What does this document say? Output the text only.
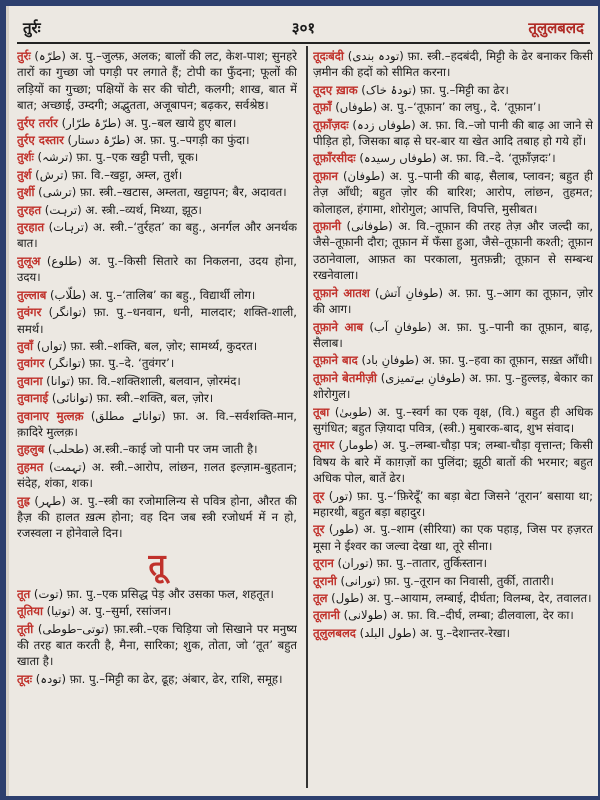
तुर्रः	३०१	तूलुलबलद
तुर्रः (طرّہ) अ. पु.–जुल्फ़, अलक; बालों की लट, केश-पाश; सुनहरे तारों का गुच्छा जो पगड़ी पर लगाते हैं; टोपी का फुँदना; फूलों की लड़ियों का गुच्छा; पक्षियों के सर की चोटी, कलगी; शाख, बात में बात; अच्छाई, उम्दगी; अद्भुतता, अजूबापन; बढ़कर, सर्वश्रेष्ठ।
तुर्रए तर्रार (طرّۂ طرّار) अ. पु.–बल खाये हुए बाल।
तुर्रए दस्तार (طرّۂ دستار) अ. फ़ा. पु.–पगड़ी का फुंदा।
तुर्शः (ترشہ) फ़ा. पु.–एक खट्टी पत्ती, चूक।
तुर्श (ترش) फ़ा. वि.–खट्टा, अम्ल, तुर्श।
तुर्शी (ترشی) फ़ा. स्त्री.–खटास, अम्लता, खट्टापन; बैर, अदावत।
तुरहत (ترہت) अ. स्त्री.–व्यर्थ, मिथ्या, झूठ।
तुरहात (ترہات) अ. स्त्री.–‘तुर्रहत’ का बहु., अनर्गल और अनर्थक बात।
तुलूअ (طلوع) अ. पु.–किसी सितारे का निकलना, उदय होना, उदय।
तुल्लाब (طلّاب) अ. पु.–‘तालिब’ का बहु., विद्यार्थी लोग।
तुवंगर (توانگر) फ़ा. पु.–धनवान, धनी, मालदार; शक्ति-शाली, समर्थ।
तुवाँ (تواں) फ़ा. स्त्री.–शक्ति, बल, ज़ोर; सामर्थ्य, कुदरत।
तुवांगर (توانگر) फ़ा. पु.–दे. ‘तुवंगर’।
तुवाना (توانا) फ़ा. वि.–शक्तिशाली, बलवान, ज़ोरमंद।
तुवानाई (توانائی) फ़ा. स्त्री.–शक्ति, बल, ज़ोर।
तुवानाए मुत्लक़ (توانائے مطلق) फ़ा. अ. वि.–सर्वशक्ति-मान, क़ादिरे मुत्लक़।
तुहलुब (طحلب) अ.स्त्री.–काई जो पानी पर जम जाती है।
तुहमत (تہمت) अ. स्त्री.–आरोप, लांछन, ग़लत इल्ज़ाम-बुहतान; संदेह, शंका, शक।
तुह्र (طہر) अ. पु.–स्त्री का रजोमालिन्य से पवित्र होना, औरत की हैज़ की हालत ख़त्म होना; वह दिन जब स्त्री रजोधर्म में न हो, रजस्वला न होनेवाले दिन।
तू
तूत (توت) फ़ा. पु.–एक प्रसिद्ध पेड़ और उसका फल, शहतूत।
तूतिया (توتیا) अ. पु.–सुर्मा, रसांजन।
तूती (توتی–طوطی) फ़ा.स्त्री.–एक चिड़िया जो सिखाने पर मनुष्य की तरह बात करती है, मैना, सारिका; शुक, तोता, जो ‘तूत’ बहुत खाता है।
तूदः (تودہ) फ़ा. पु.–मिट्टी का ढेर, ढूह; अंबार, ढेर, राशि, समूह।
तूदःबंदी (تودہ بندی) फ़ा. स्त्री.–हदबंदी, मिट्टी के ढेर बनाकर किसी ज़मीन की हदों को सीमित करना।
तूदए ख़ाक (تودۂ خاک) फ़ा. पु.–मिट्टी का ढेर।
तूफ़ाँ (طوفاں) अ. पु.–‘तूफ़ान’ का लघु., दे. ‘तूफ़ान’।
तूफ़ाँज़दः (طوفاں زدہ) अ. फ़ा. वि.–जो पानी की बाढ़ आ जाने से पीड़ित हो, जिसका बाढ़ से घर-बार या खेत आदि तबाह हो गये हों।
तूफ़ाँरसीदः (طوفاں رسیدہ) अ. फ़ा. वि.–दे. ‘तूफ़ाँज़दः’।
तूफ़ान (طوفان) अ. पु.–पानी की बाढ़, सैलाब, प्लावन; बहुत ही तेज़ आँधी; बहुत ज़ोर की बारिश; आरोप, लांछन, तुहमत; कोलाहल, हंगामा, शोरोगुल; आपत्ति, विपत्ति, मुसीबत।
तूफ़ानी (طوفانی) अ. वि.–तूफ़ान की तरह तेज़ और जल्दी का, जैसे–तूफ़ानी दौरा; तूफ़ान में फँसा हुआ, जैसे–तूफ़ानी कश्ती; तूफ़ान उठानेवाला, आफ़त का परकाला, मुतफ़न्नी; तूफ़ान से सम्बन्ध रखनेवाला।
तूफ़ाने आतश (طوفانِ آتش) अ. फ़ा. पु.–आग का तूफ़ान, ज़ोर की आग।
तूफ़ाने आब (طوفانِ آب) अ. फ़ा. पु.–पानी का तूफ़ान, बाढ़, सैलाब।
तूफ़ाने बाद (طوفانِ باد) अ. फ़ा. पु.–हवा का तूफ़ान, सख़्त आँधी।
तूफ़ाने बेतमीज़ी (طوفانِ بےتمیزی) अ. फ़ा. पु.–हुल्लड़, बेकार का शोरोगुल।
तूबा (طوبیٰ) अ. पु.–स्वर्ग का एक वृक्ष, (वि.) बहुत ही अधिक सुगंधित; बहुत ज़ियादा पवित्र, (स्त्री.) मुबारक-बाद, शुभ संवाद।
तूमार (طومار) अ. पु.–लम्बा-चौड़ा पत्र; लम्बा-चौड़ा वृत्तान्त; किसी विषय के बारे में काग़ज़ों का पुलिंदा; झूठी बातों की भरमार; बहुत अधिक पोल, बातें ढेर।
तूर (تور) फ़ा. पु.–‘फ़िरेदूँ’ का बड़ा बेटा जिसने ‘तूरान’ बसाया था; महारथी, बहुत बड़ा बहादुर।
तूर (طور) अ. पु.–शाम (सीरिया) का एक पहाड़, जिस पर हज़रत मूसा ने ईश्वर का जल्वा देखा था, तूरे सीना।
तूरान (توران) फ़ा. पु.–तातार, तुर्किस्तान।
तूरानी (تورانی) फ़ा. पु.–तूरान का निवासी, तुर्की, तातारी।
तूल (طول) अ. पु.–आयाम, लम्बाई, दीर्घता; विलम्ब, देर, तवालत।
तूलानी (طولانی) अ. फ़ा. वि.–दीर्घ, लम्बा; ढीलवाला, देर का।
तूलुलबलद (طول البلد) अ. पु.–देशान्तर-रेखा।
